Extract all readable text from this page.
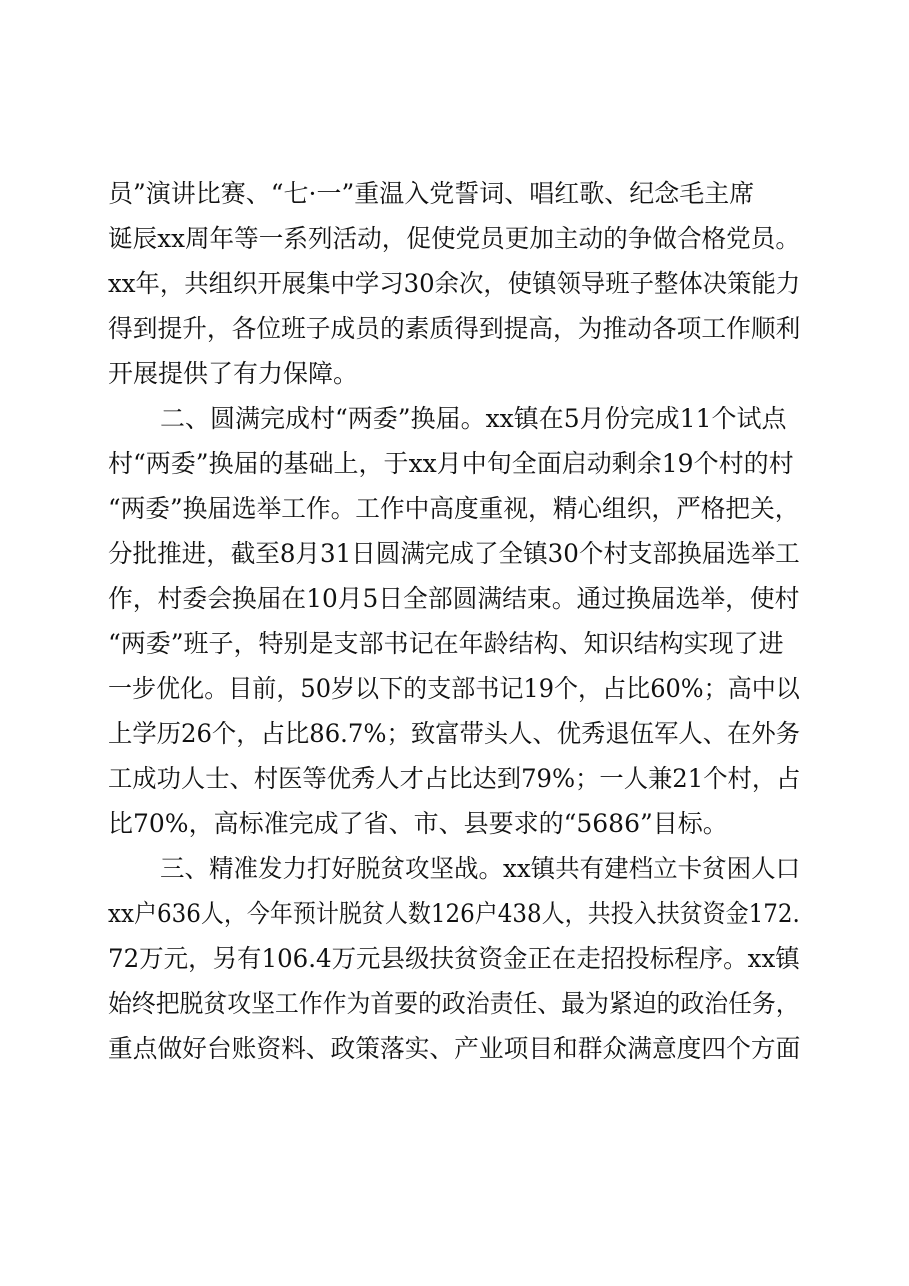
员”演讲比赛、“七·一”重温入党誓词、唱红歌、纪念毛主席
诞辰xx周年等一系列活动，促使党员更加主动的争做合格党员。
xx年，共组织开展集中学习30余次，使镇领导班子整体决策能力
得到提升，各位班子成员的素质得到提高，为推动各项工作顺利
开展提供了有力保障。
二、圆满完成村“两委”换届。xx镇在5月份完成11个试点
村“两委”换届的基础上，于xx月中旬全面启动剩余19个村的村
“两委”换届选举工作。工作中高度重视，精心组织，严格把关，
分批推进，截至8月31日圆满完成了全镇30个村支部换届选举工
作，村委会换届在10月5日全部圆满结束。通过换届选举，使村
“两委”班子，特别是支部书记在年龄结构、知识结构实现了进
一步优化。目前，50岁以下的支部书记19个，占比60%；高中以
上学历26个，占比86.7%；致富带头人、优秀退伍军人、在外务
工成功人士、村医等优秀人才占比达到79%；一人兼21个村，占
比70%，高标准完成了省、市、县要求的“5686”目标。
三、精准发力打好脱贫攻坚战。xx镇共有建档立卡贫困人口
xx户636人，今年预计脱贫人数126户438人，共投入扶贫资金172.
72万元，另有106.4万元县级扶贫资金正在走招投标程序。xx镇
始终把脱贫攻坚工作作为首要的政治责任、最为紧迫的政治任务，
重点做好台账资料、政策落实、产业项目和群众满意度四个方面
